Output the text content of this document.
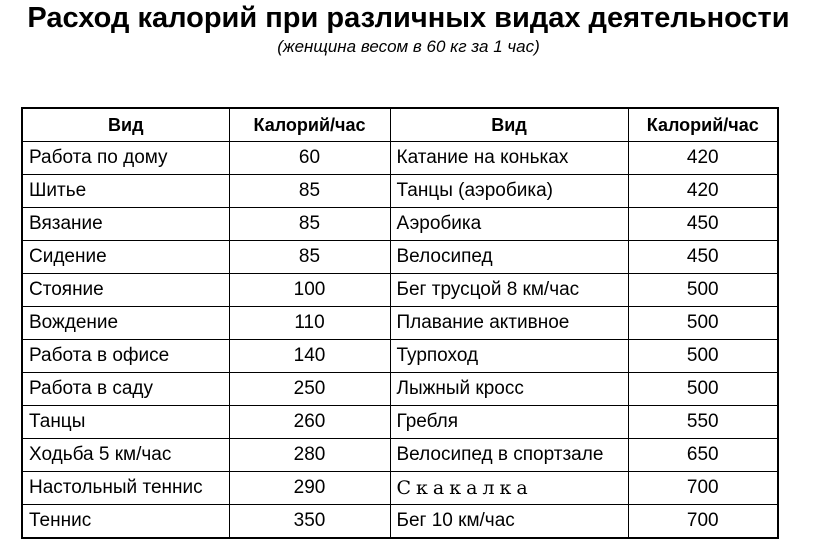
Расход калорий при различных видах деятельности
(женщина весом в 60 кг за 1 час)
Вид	Калорий/час	Вид	Калорий/час
Работа по дому	60	Катание на коньках	420
Шитье	85	Танцы (аэробика)	420
Вязание	85	Аэробика	450
Сидение	85	Велосипед	450
Стояние	100	Бег трусцой 8 км/час	500
Вождение	110	Плавание активное	500
Работа в офисе	140	Турпоход	500
Работа в саду	250	Лыжный кросс	500
Танцы	260	Гребля	550
Ходьба 5 км/час	280	Велосипед в спортзале	650
Настольный теннис	290	Скакалка	700
Теннис	350	Бег 10 км/час	700
